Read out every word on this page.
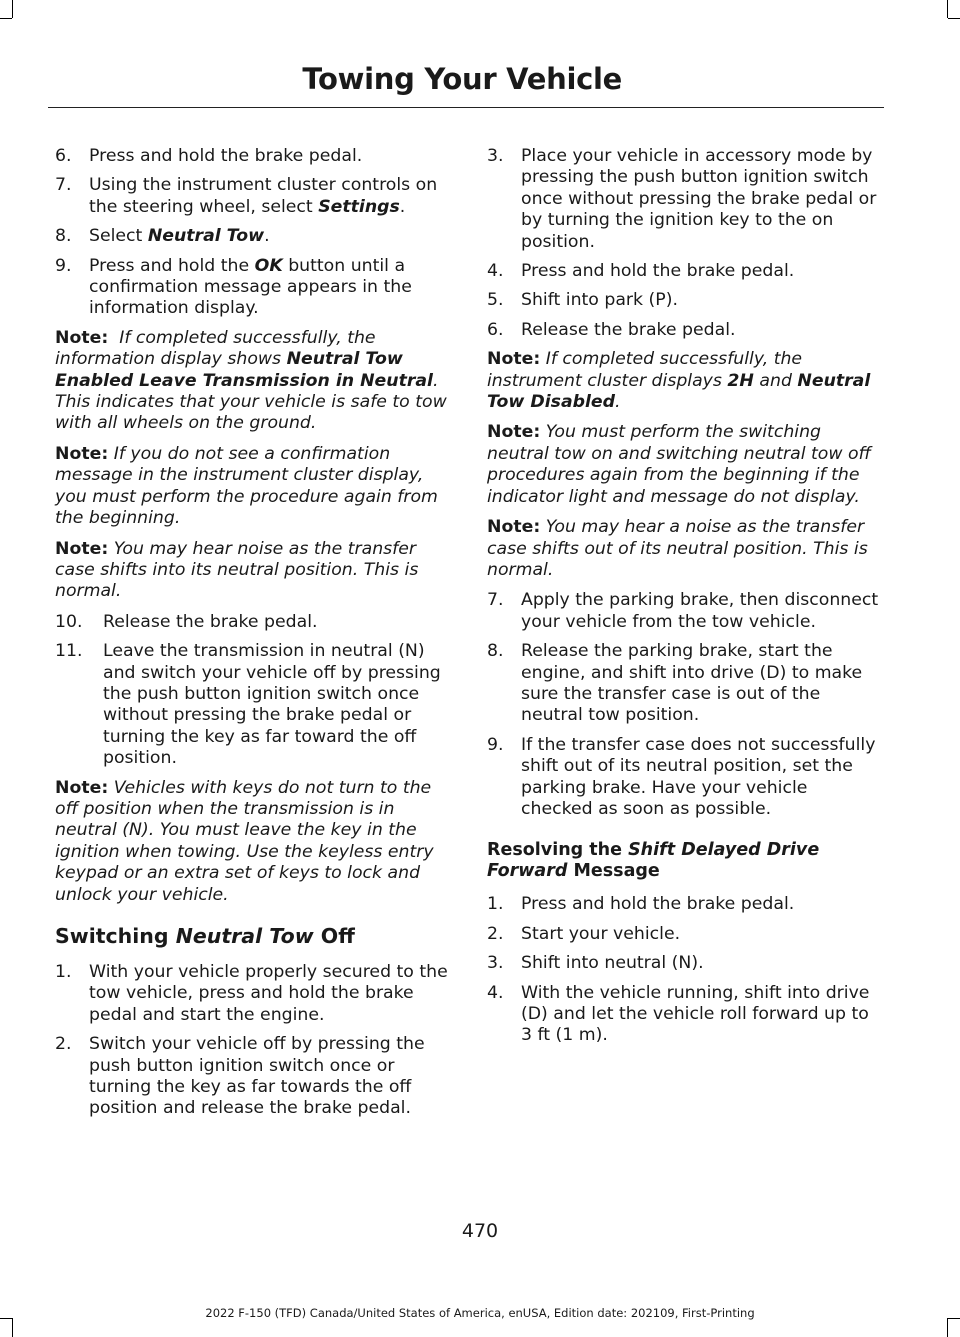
Towing Your Vehicle
6.	Press and hold the brake pedal.
7.	Using the instrument cluster controls on the steering wheel, select Settings.
8.	Select Neutral Tow.
9.	Press and hold the OK button until a confirmation message appears in the information display.
Note: If completed successfully, the information display shows Neutral Tow Enabled Leave Transmission in Neutral. This indicates that your vehicle is safe to tow with all wheels on the ground.
Note: If you do not see a confirmation message in the instrument cluster display, you must perform the procedure again from the beginning.
Note: You may hear noise as the transfer case shifts into its neutral position. This is normal.
10.	Release the brake pedal.
11.	Leave the transmission in neutral (N) and switch your vehicle off by pressing the push button ignition switch once without pressing the brake pedal or turning the key as far toward the off position.
Note: Vehicles with keys do not turn to the off position when the transmission is in neutral (N). You must leave the key in the ignition when towing. Use the keyless entry keypad or an extra set of keys to lock and unlock your vehicle.
Switching Neutral Tow Off
1.	With your vehicle properly secured to the tow vehicle, press and hold the brake pedal and start the engine.
2.	Switch your vehicle off by pressing the push button ignition switch once or turning the key as far towards the off position and release the brake pedal.
3.	Place your vehicle in accessory mode by pressing the push button ignition switch once without pressing the brake pedal or by turning the ignition key to the on position.
4.	Press and hold the brake pedal.
5.	Shift into park (P).
6.	Release the brake pedal.
Note: If completed successfully, the instrument cluster displays 2H and Neutral Tow Disabled.
Note: You must perform the switching neutral tow on and switching neutral tow off procedures again from the beginning if the indicator light and message do not display.
Note: You may hear a noise as the transfer case shifts out of its neutral position. This is normal.
7.	Apply the parking brake, then disconnect your vehicle from the tow vehicle.
8.	Release the parking brake, start the engine, and shift into drive (D) to make sure the transfer case is out of the neutral tow position.
9.	If the transfer case does not successfully shift out of its neutral position, set the parking brake. Have your vehicle checked as soon as possible.
Resolving the Shift Delayed Drive Forward Message
1.	Press and hold the brake pedal.
2.	Start your vehicle.
3.	Shift into neutral (N).
4.	With the vehicle running, shift into drive (D) and let the vehicle roll forward up to 3 ft (1 m).
470
2022 F-150 (TFD) Canada/United States of America, enUSA, Edition date: 202109, First-Printing
